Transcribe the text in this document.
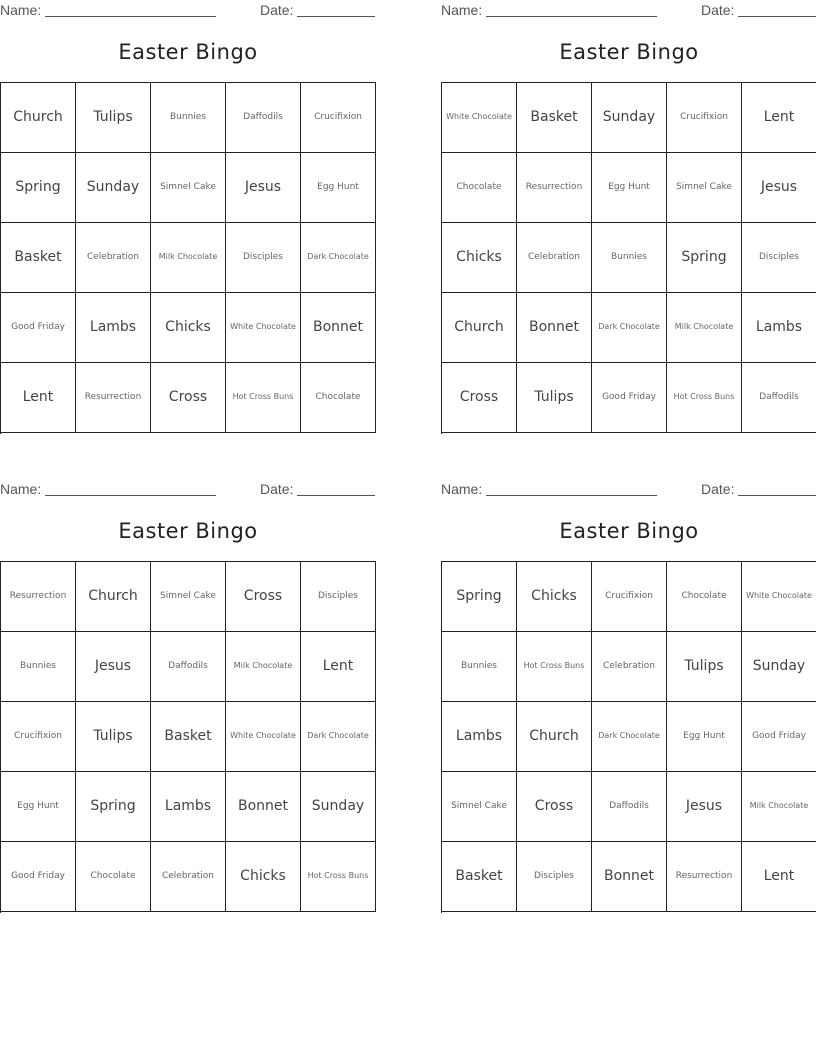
Name:	Date:
Easter Bingo
Church	Tulips	Bunnies	Daffodils	Crucifixion
Spring	Sunday	Simnel Cake	Jesus	Egg Hunt
Basket	Celebration	Milk Chocolate	Disciples	Dark Chocolate
Good Friday	Lambs	Chicks	White Chocolate	Bonnet
Lent	Resurrection	Cross	Hot Cross Buns	Chocolate
Name:	Date:
Easter Bingo
White Chocolate	Basket	Sunday	Crucifixion	Lent
Chocolate	Resurrection	Egg Hunt	Simnel Cake	Jesus
Chicks	Celebration	Bunnies	Spring	Disciples
Church	Bonnet	Dark Chocolate	Milk Chocolate	Lambs
Cross	Tulips	Good Friday	Hot Cross Buns	Daffodils
Name:	Date:
Easter Bingo
Resurrection	Church	Simnel Cake	Cross	Disciples
Bunnies	Jesus	Daffodils	Milk Chocolate	Lent
Crucifixion	Tulips	Basket	White Chocolate	Dark Chocolate
Egg Hunt	Spring	Lambs	Bonnet	Sunday
Good Friday	Chocolate	Celebration	Chicks	Hot Cross Buns
Name:	Date:
Easter Bingo
Spring	Chicks	Crucifixion	Chocolate	White Chocolate
Bunnies	Hot Cross Buns	Celebration	Tulips	Sunday
Lambs	Church	Dark Chocolate	Egg Hunt	Good Friday
Simnel Cake	Cross	Daffodils	Jesus	Milk Chocolate
Basket	Disciples	Bonnet	Resurrection	Lent
